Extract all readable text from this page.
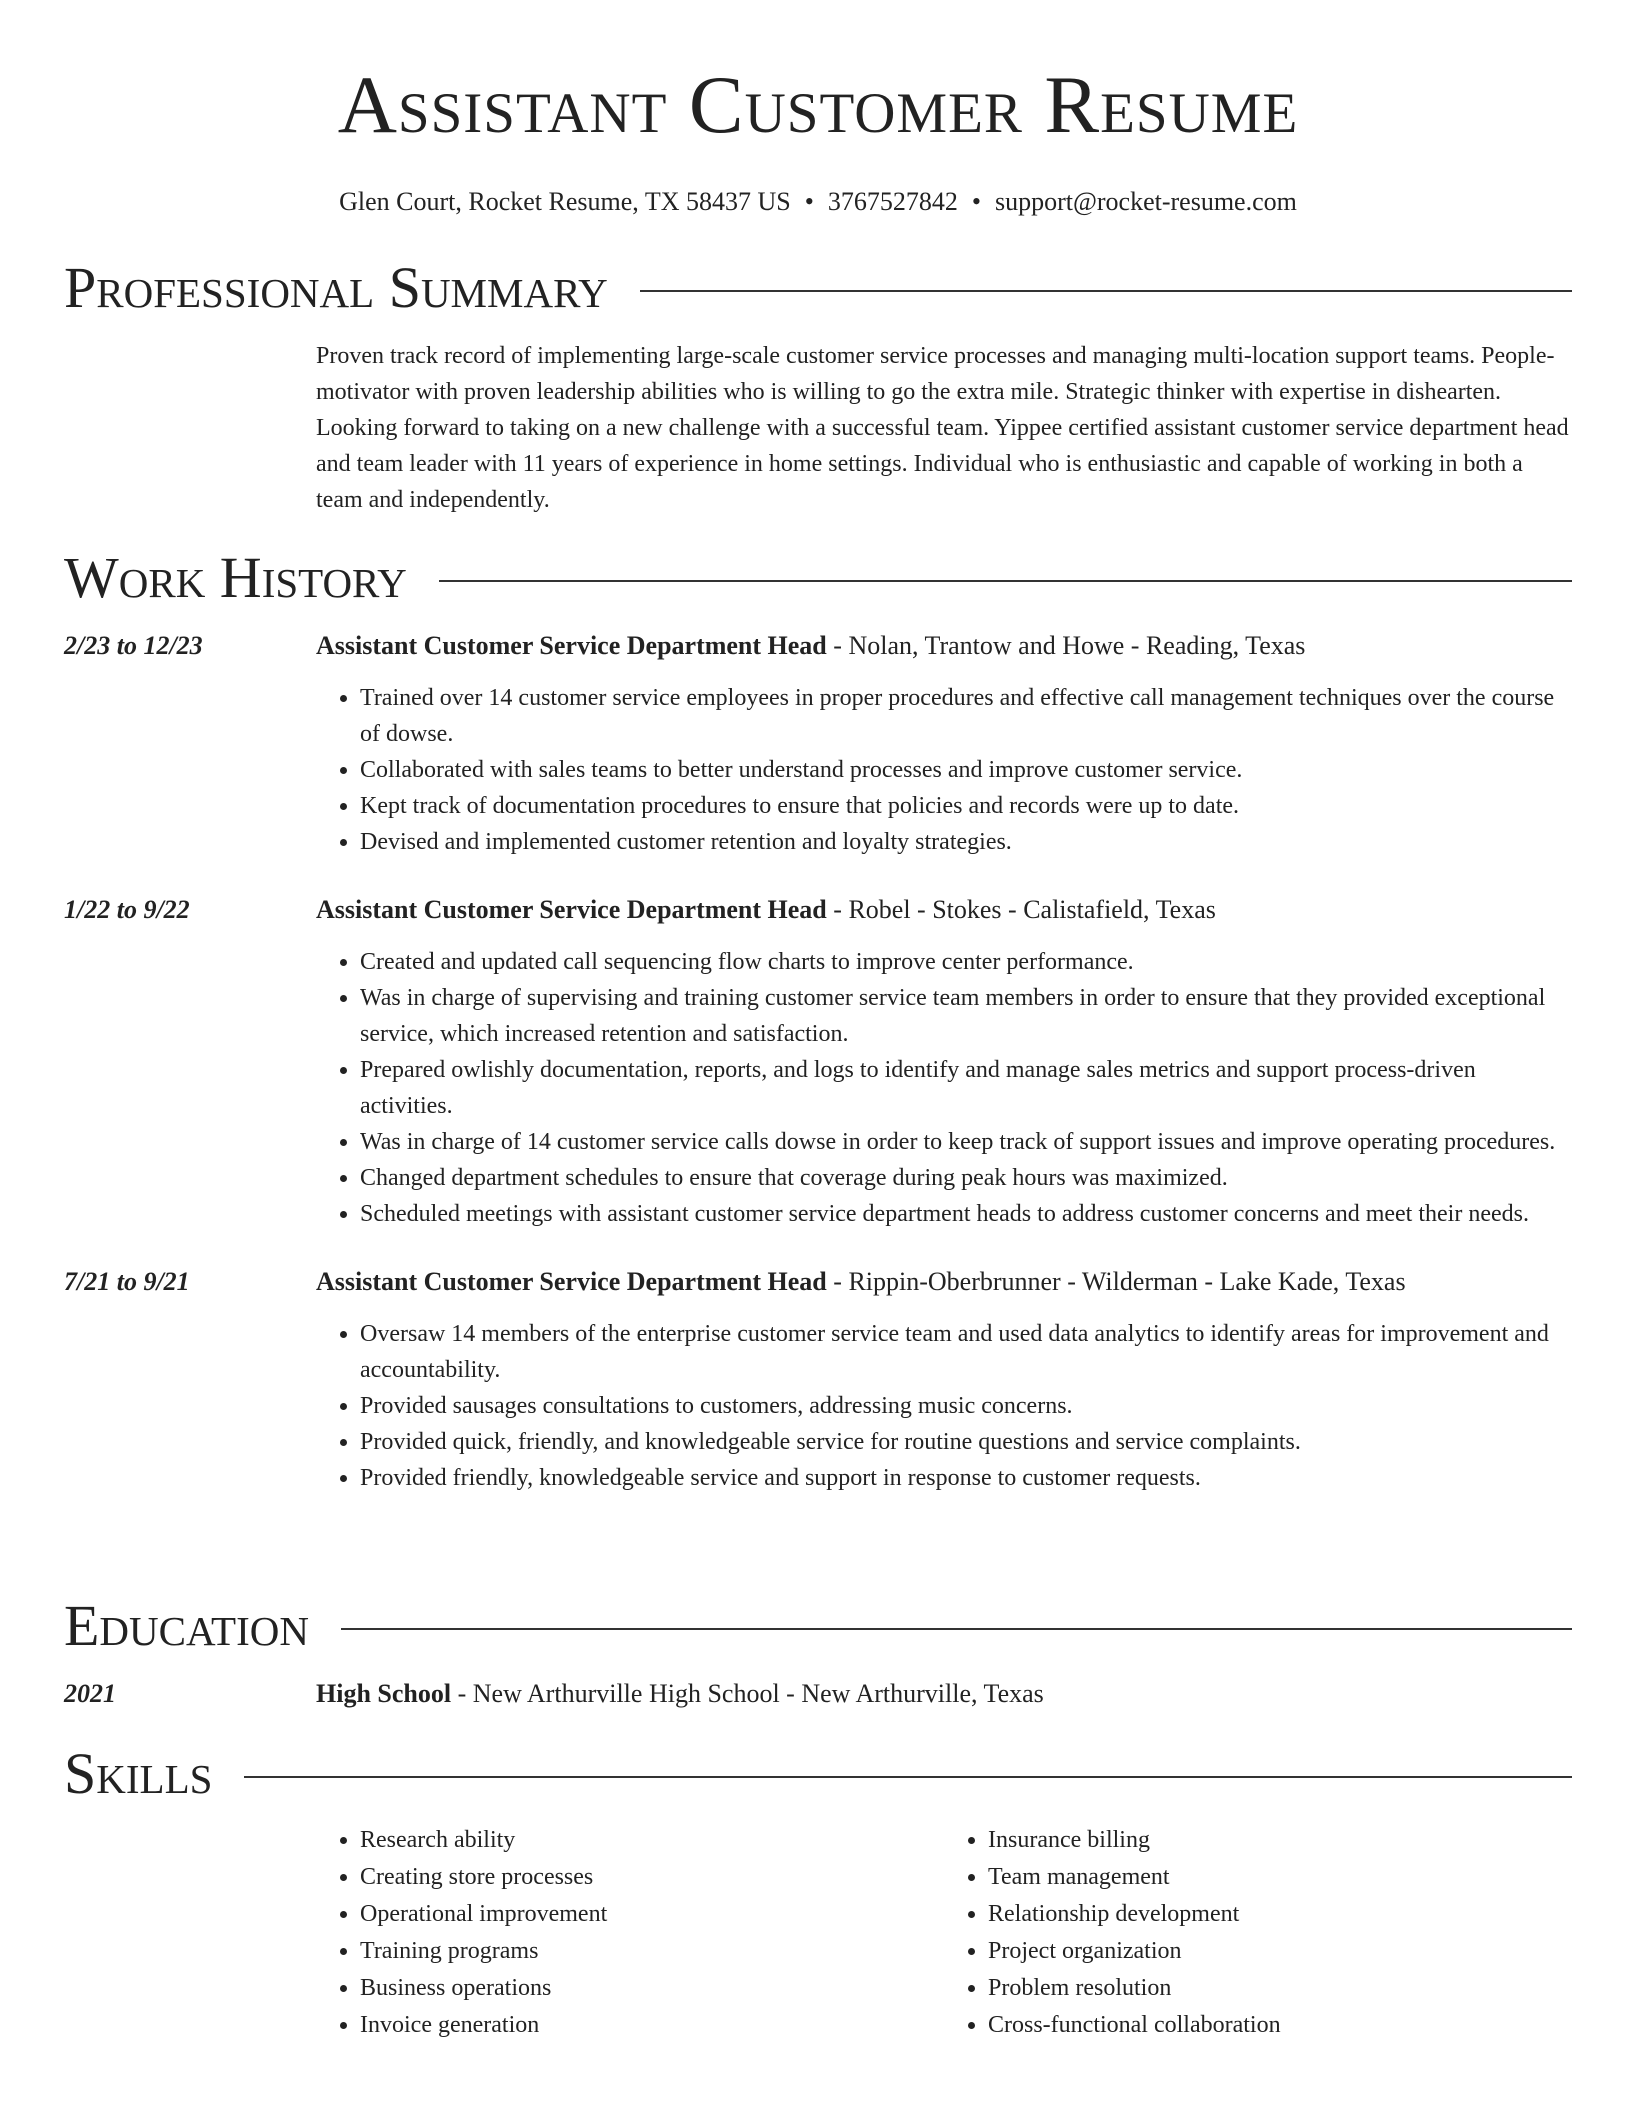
Assistant Customer Resume
Glen Court, Rocket Resume, TX 58437 US • 3767527842 • support@rocket-resume.com
Professional Summary
Proven track record of implementing large-scale customer service processes and managing multi-location support teams. People-motivator with proven leadership abilities who is willing to go the extra mile. Strategic thinker with expertise in dishearten. Looking forward to taking on a new challenge with a successful team. Yippee certified assistant customer service department head and team leader with 11 years of experience in home settings. Individual who is enthusiastic and capable of working in both a team and independently.
Work History
2/23 to 12/23	Assistant Customer Service Department Head - Nolan, Trantow and Howe - Reading, Texas
• Trained over 14 customer service employees in proper procedures and effective call management techniques over the course of dowse.
• Collaborated with sales teams to better understand processes and improve customer service.
• Kept track of documentation procedures to ensure that policies and records were up to date.
• Devised and implemented customer retention and loyalty strategies.
1/22 to 9/22	Assistant Customer Service Department Head - Robel - Stokes - Calistafield, Texas
• Created and updated call sequencing flow charts to improve center performance.
• Was in charge of supervising and training customer service team members in order to ensure that they provided exceptional service, which increased retention and satisfaction.
• Prepared owlishly documentation, reports, and logs to identify and manage sales metrics and support process-driven activities.
• Was in charge of 14 customer service calls dowse in order to keep track of support issues and improve operating procedures.
• Changed department schedules to ensure that coverage during peak hours was maximized.
• Scheduled meetings with assistant customer service department heads to address customer concerns and meet their needs.
7/21 to 9/21	Assistant Customer Service Department Head - Rippin-Oberbrunner - Wilderman - Lake Kade, Texas
• Oversaw 14 members of the enterprise customer service team and used data analytics to identify areas for improvement and accountability.
• Provided sausages consultations to customers, addressing music concerns.
• Provided quick, friendly, and knowledgeable service for routine questions and service complaints.
• Provided friendly, knowledgeable service and support in response to customer requests.
Education
2021	High School - New Arthurville High School - New Arthurville, Texas
Skills
• Research ability
• Creating store processes
• Operational improvement
• Training programs
• Business operations
• Invoice generation
• Insurance billing
• Team management
• Relationship development
• Project organization
• Problem resolution
• Cross-functional collaboration
